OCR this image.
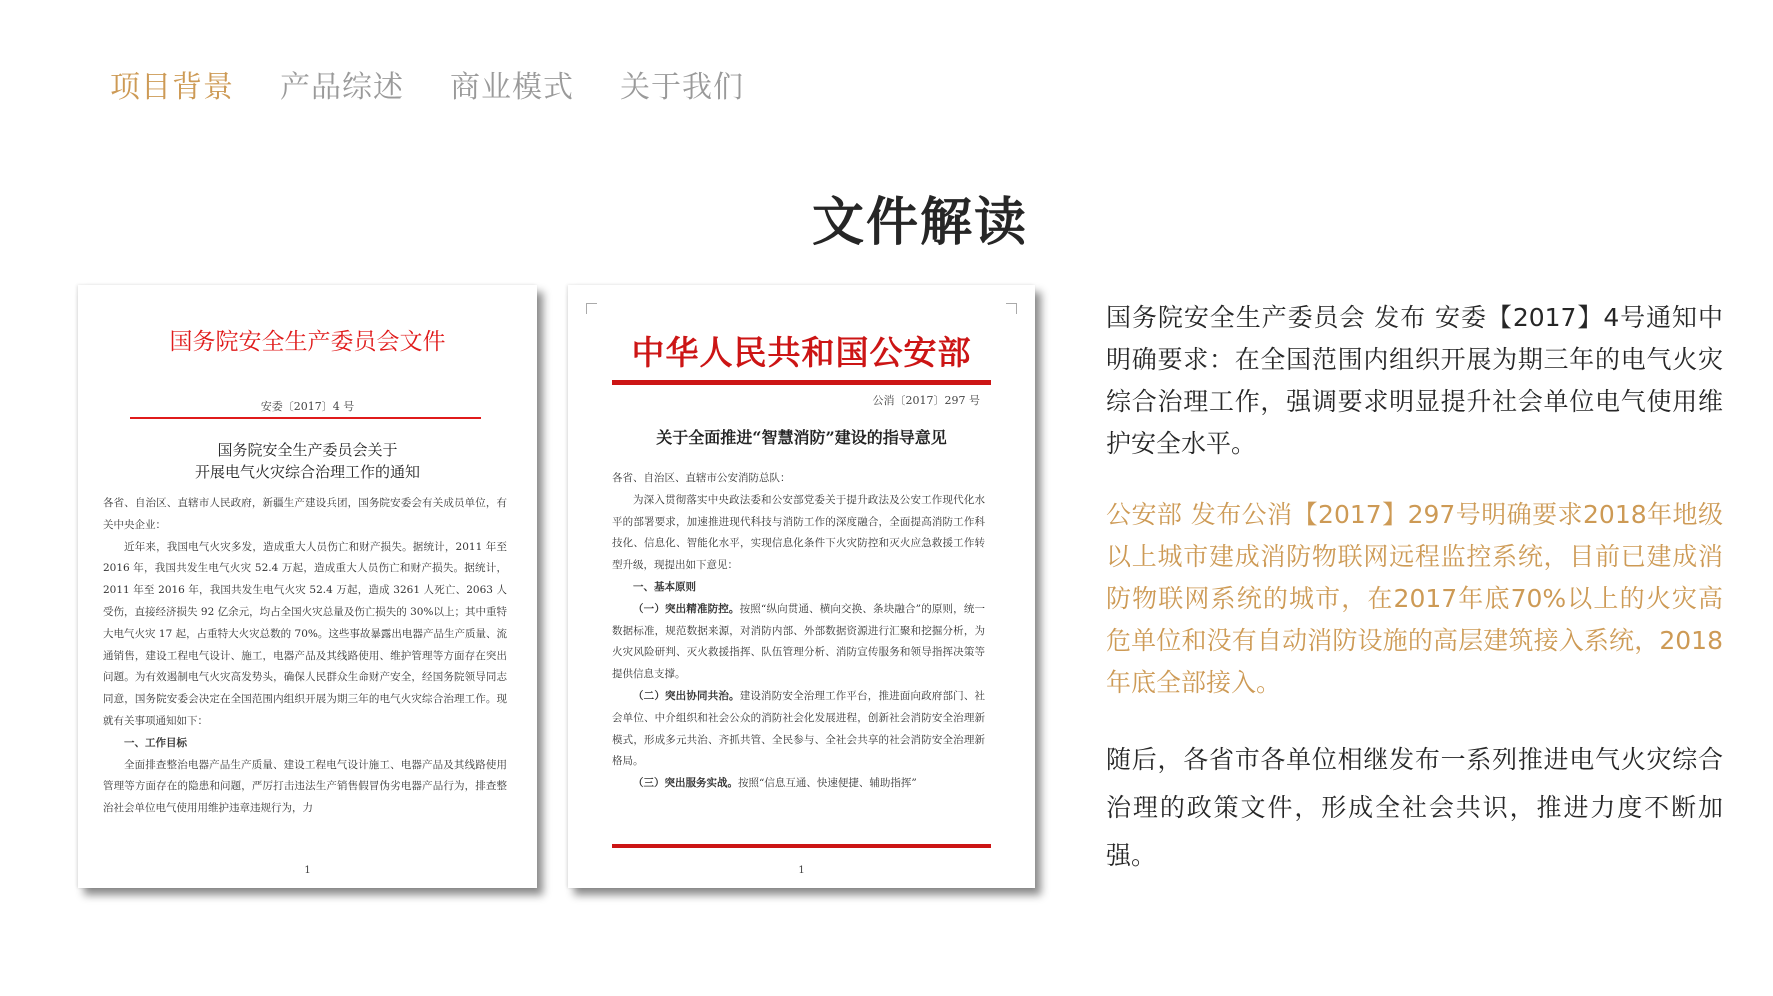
项目背景 产品综述 商业模式 关于我们
文件解读
国务院安全生产委员会文件
安委〔2017〕4 号
国务院安全生产委员会关于
开展电气火灾综合治理工作的通知

各省、自治区、直辖市人民政府，新疆生产建设兵团，国务院安委会有关成员单位，有关中央企业：

近年来，我国电气火灾多发，造成重大人员伤亡和财产损失。据统计，2011 年至 2016 年，我国共发生电气火灾 52.4 万起，造成重大人员伤亡和财产损失。据统计，2011 年至 2016 年，我国共发生电气火灾 52.4 万起，造成 3261 人死亡、2063 人受伤，直接经济损失 92 亿余元，均占全国火灾总量及伤亡损失的 30%以上；其中重特大电气火灾 17 起，占重特大火灾总数的 70%。这些事故暴露出电器产品生产质量、流通销售，建设工程电气设计、施工，电器产品及其线路使用、维护管理等方面存在突出问题。为有效遏制电气火灾高发势头，确保人民群众生命财产安全，经国务院领导同志同意，国务院安委会决定在全国范围内组织开展为期三年的电气火灾综合治理工作。现就有关事项通知如下：

一、工作目标

全面排查整治电器产品生产质量、建设工程电气设计施工、电器产品及其线路使用管理等方面存在的隐患和问题，严厉打击违法生产销售假冒伪劣电器产品行为，排查整治社会单位电气使用用维护违章违规行为，力

1
中华人民共和国公安部
公消〔2017〕297 号
关于全面推进“智慧消防”建设的指导意见

各省、自治区、直辖市公安消防总队：

为深入贯彻落实中央政法委和公安部党委关于提升政法及公安工作现代化水平的部署要求，加速推进现代科技与消防工作的深度融合，全面提高消防工作科技化、信息化、智能化水平，实现信息化条件下火灾防控和灭火应急救援工作转型升级，现提出如下意见：

一、基本原则

（一）突出精准防控。按照“纵向贯通、横向交换、条块融合”的原则，统一数据标准，规范数据来源，对消防内部、外部数据资源进行汇聚和挖掘分析，为火灾风险研判、灭火救援指挥、队伍管理分析、消防宣传服务和领导指挥决策等提供信息支撑。

（二）突出协同共治。建设消防安全治理工作平台，推进面向政府部门、社会单位、中介组织和社会公众的消防社会化发展进程，创新社会消防安全治理新模式，形成多元共治、齐抓共管、全民参与、全社会共享的社会消防安全治理新格局。

（三）突出服务实战。按照“信息互通、快速便捷、辅助指挥”

1

国务院安全生产委员会 发布 安委【2017】4号通知中明确要求：在全国范围内组织开展为期三年的电气火灾综合治理工作，强调要求明显提升社会单位电气使用维护安全水平。

公安部 发布公消【2017】297号明确要求2018年地级以上城市建成消防物联网远程监控系统，目前已建成消防物联网系统的城市，在2017年底70%以上的火灾高危单位和没有自动消防设施的高层建筑接入系统，2018年底全部接入。

随后，各省市各单位相继发布一系列推进电气火灾综合治理的政策文件，形成全社会共识，推进力度不断加强。
